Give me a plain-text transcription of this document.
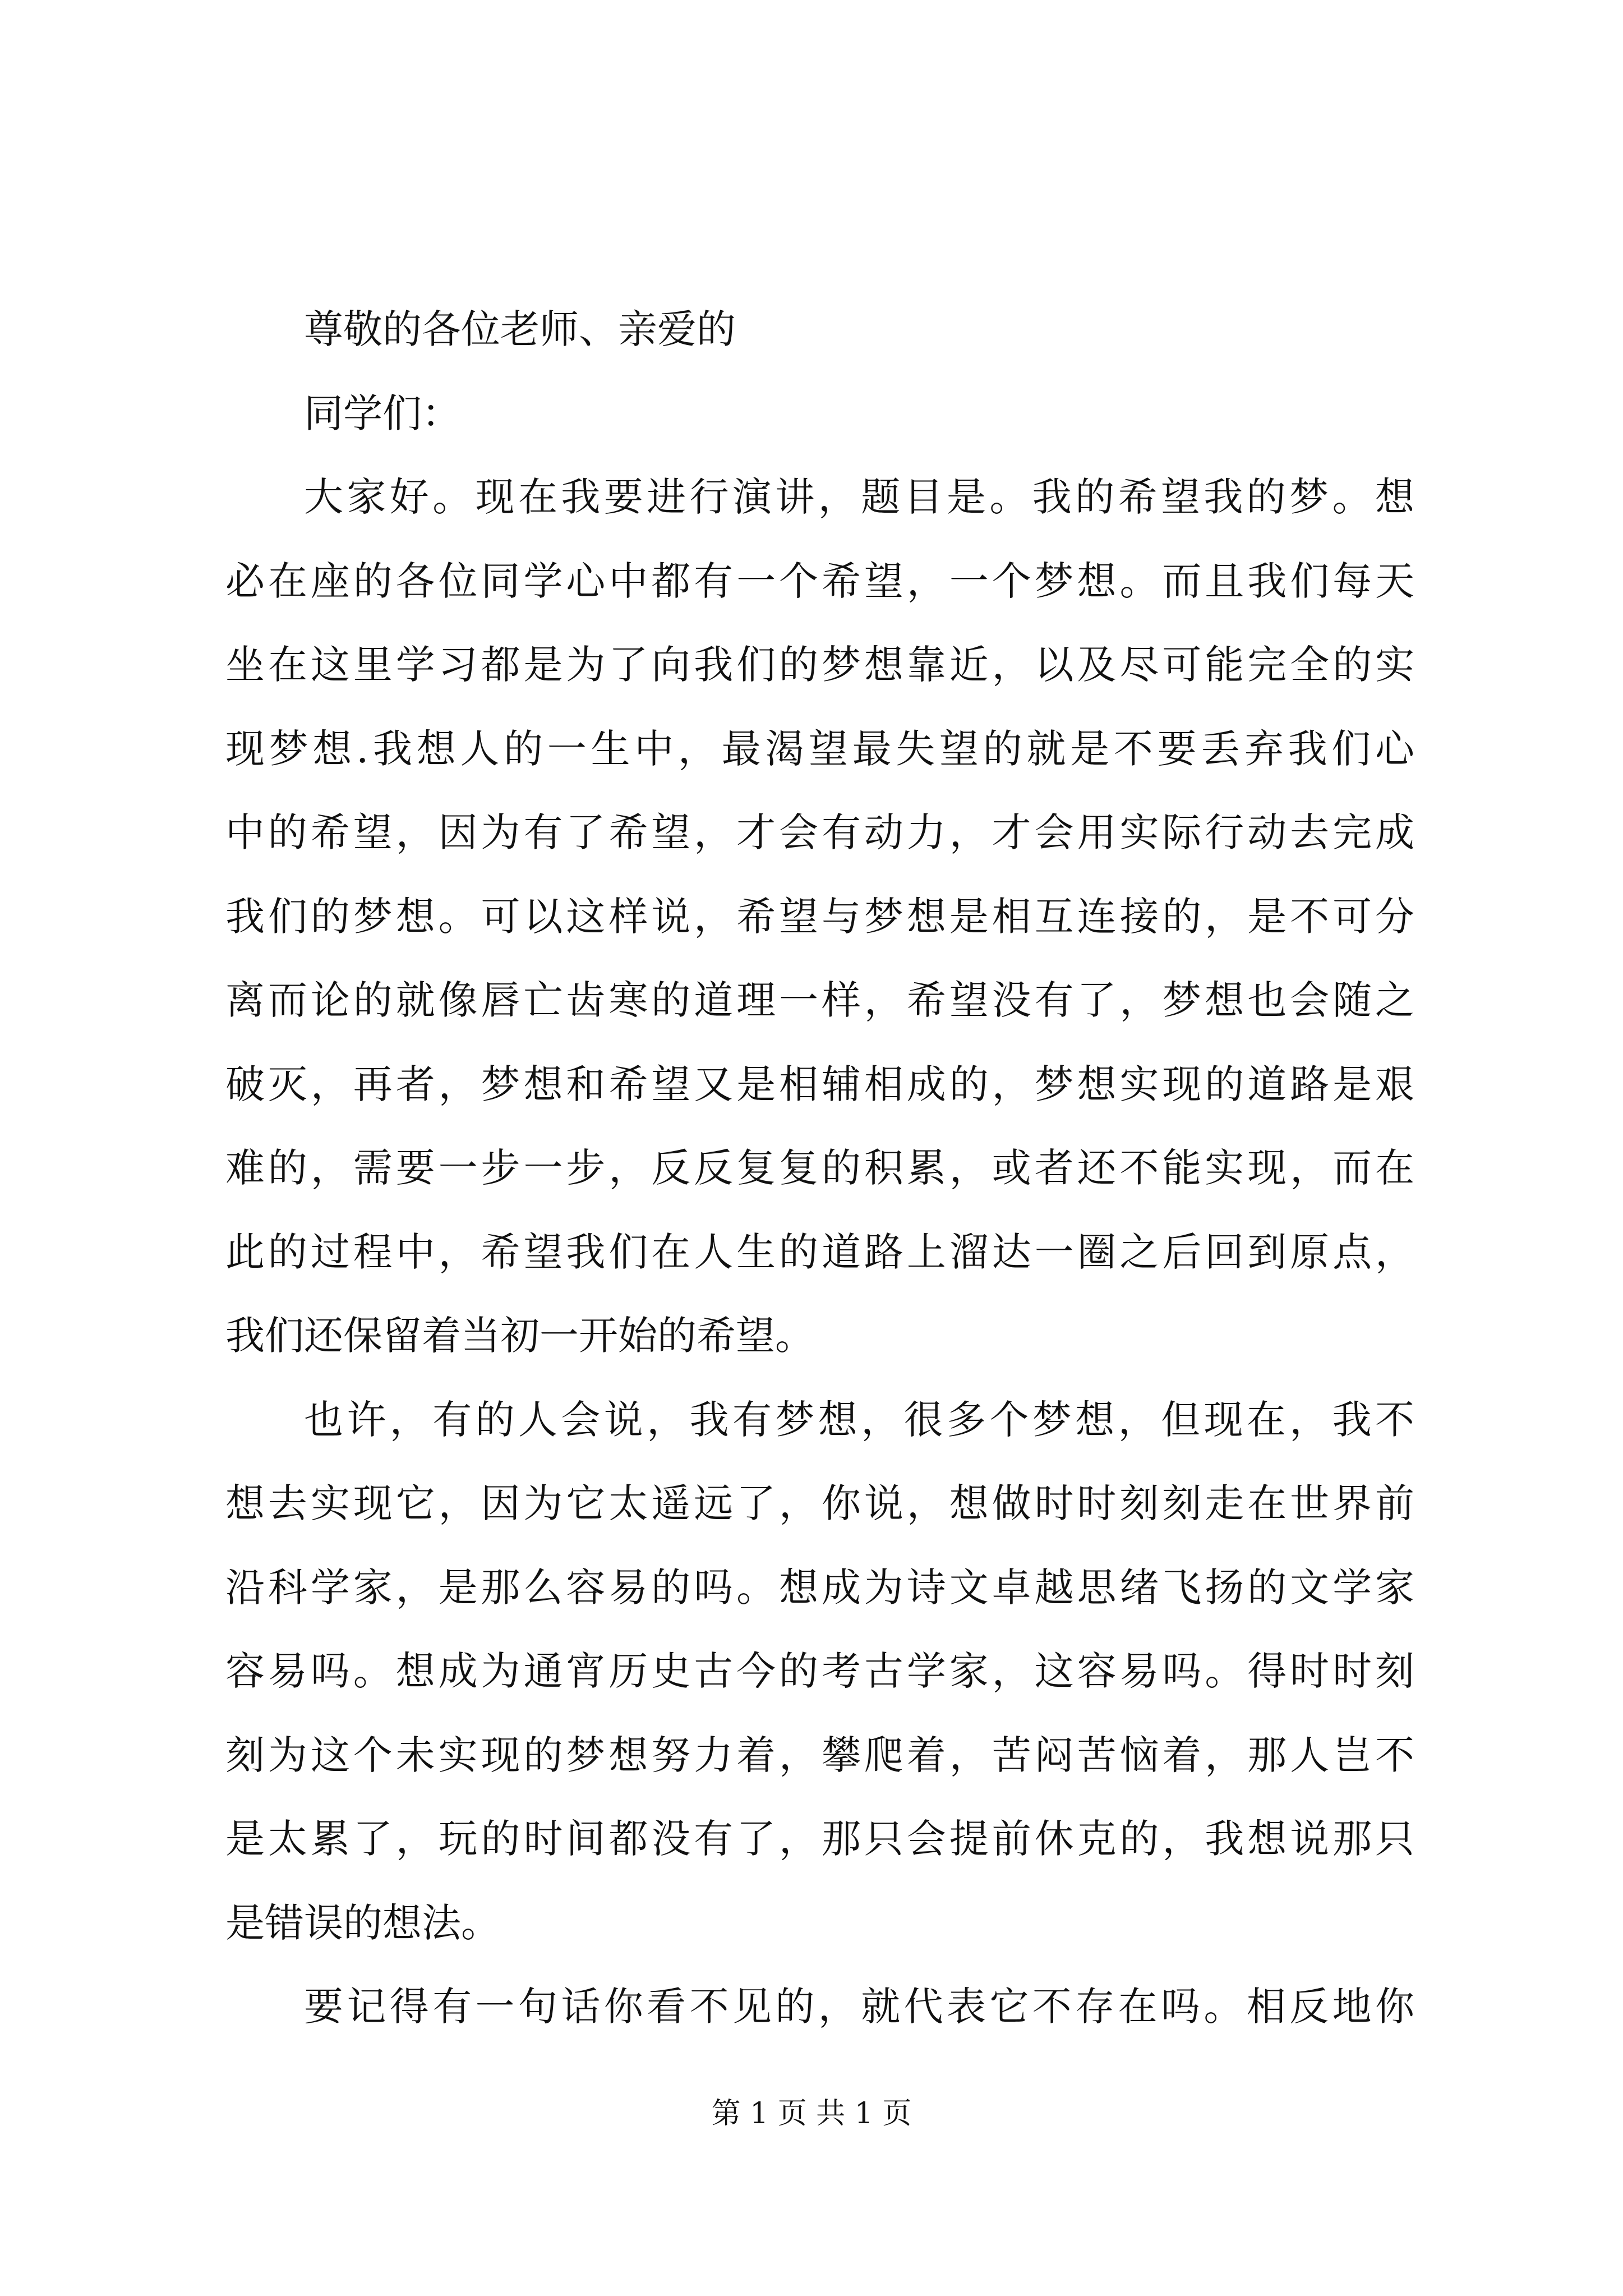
尊敬的各位老师、亲爱的
同学们：
大家好。现在我要进行演讲，题目是。我的希望我的梦。想
必在座的各位同学心中都有一个希望，一个梦想。而且我们每天
坐在这里学习都是为了向我们的梦想靠近，以及尽可能完全的实
现梦想.我想人的一生中，最渴望最失望的就是不要丢弃我们心
中的希望，因为有了希望，才会有动力，才会用实际行动去完成
我们的梦想。可以这样说，希望与梦想是相互连接的，是不可分
离而论的就像唇亡齿寒的道理一样，希望没有了，梦想也会随之
破灭，再者，梦想和希望又是相辅相成的，梦想实现的道路是艰
难的，需要一步一步，反反复复的积累，或者还不能实现，而在
此的过程中，希望我们在人生的道路上溜达一圈之后回到原点，
我们还保留着当初一开始的希望。
也许，有的人会说，我有梦想，很多个梦想，但现在，我不
想去实现它，因为它太遥远了，你说，想做时时刻刻走在世界前
沿科学家，是那么容易的吗。想成为诗文卓越思绪飞扬的文学家
容易吗。想成为通宵历史古今的考古学家，这容易吗。得时时刻
刻为这个未实现的梦想努力着，攀爬着，苦闷苦恼着，那人岂不
是太累了，玩的时间都没有了，那只会提前休克的，我想说那只
是错误的想法。
要记得有一句话你看不见的，就代表它不存在吗。相反地你
第 1 页 共 1 页
